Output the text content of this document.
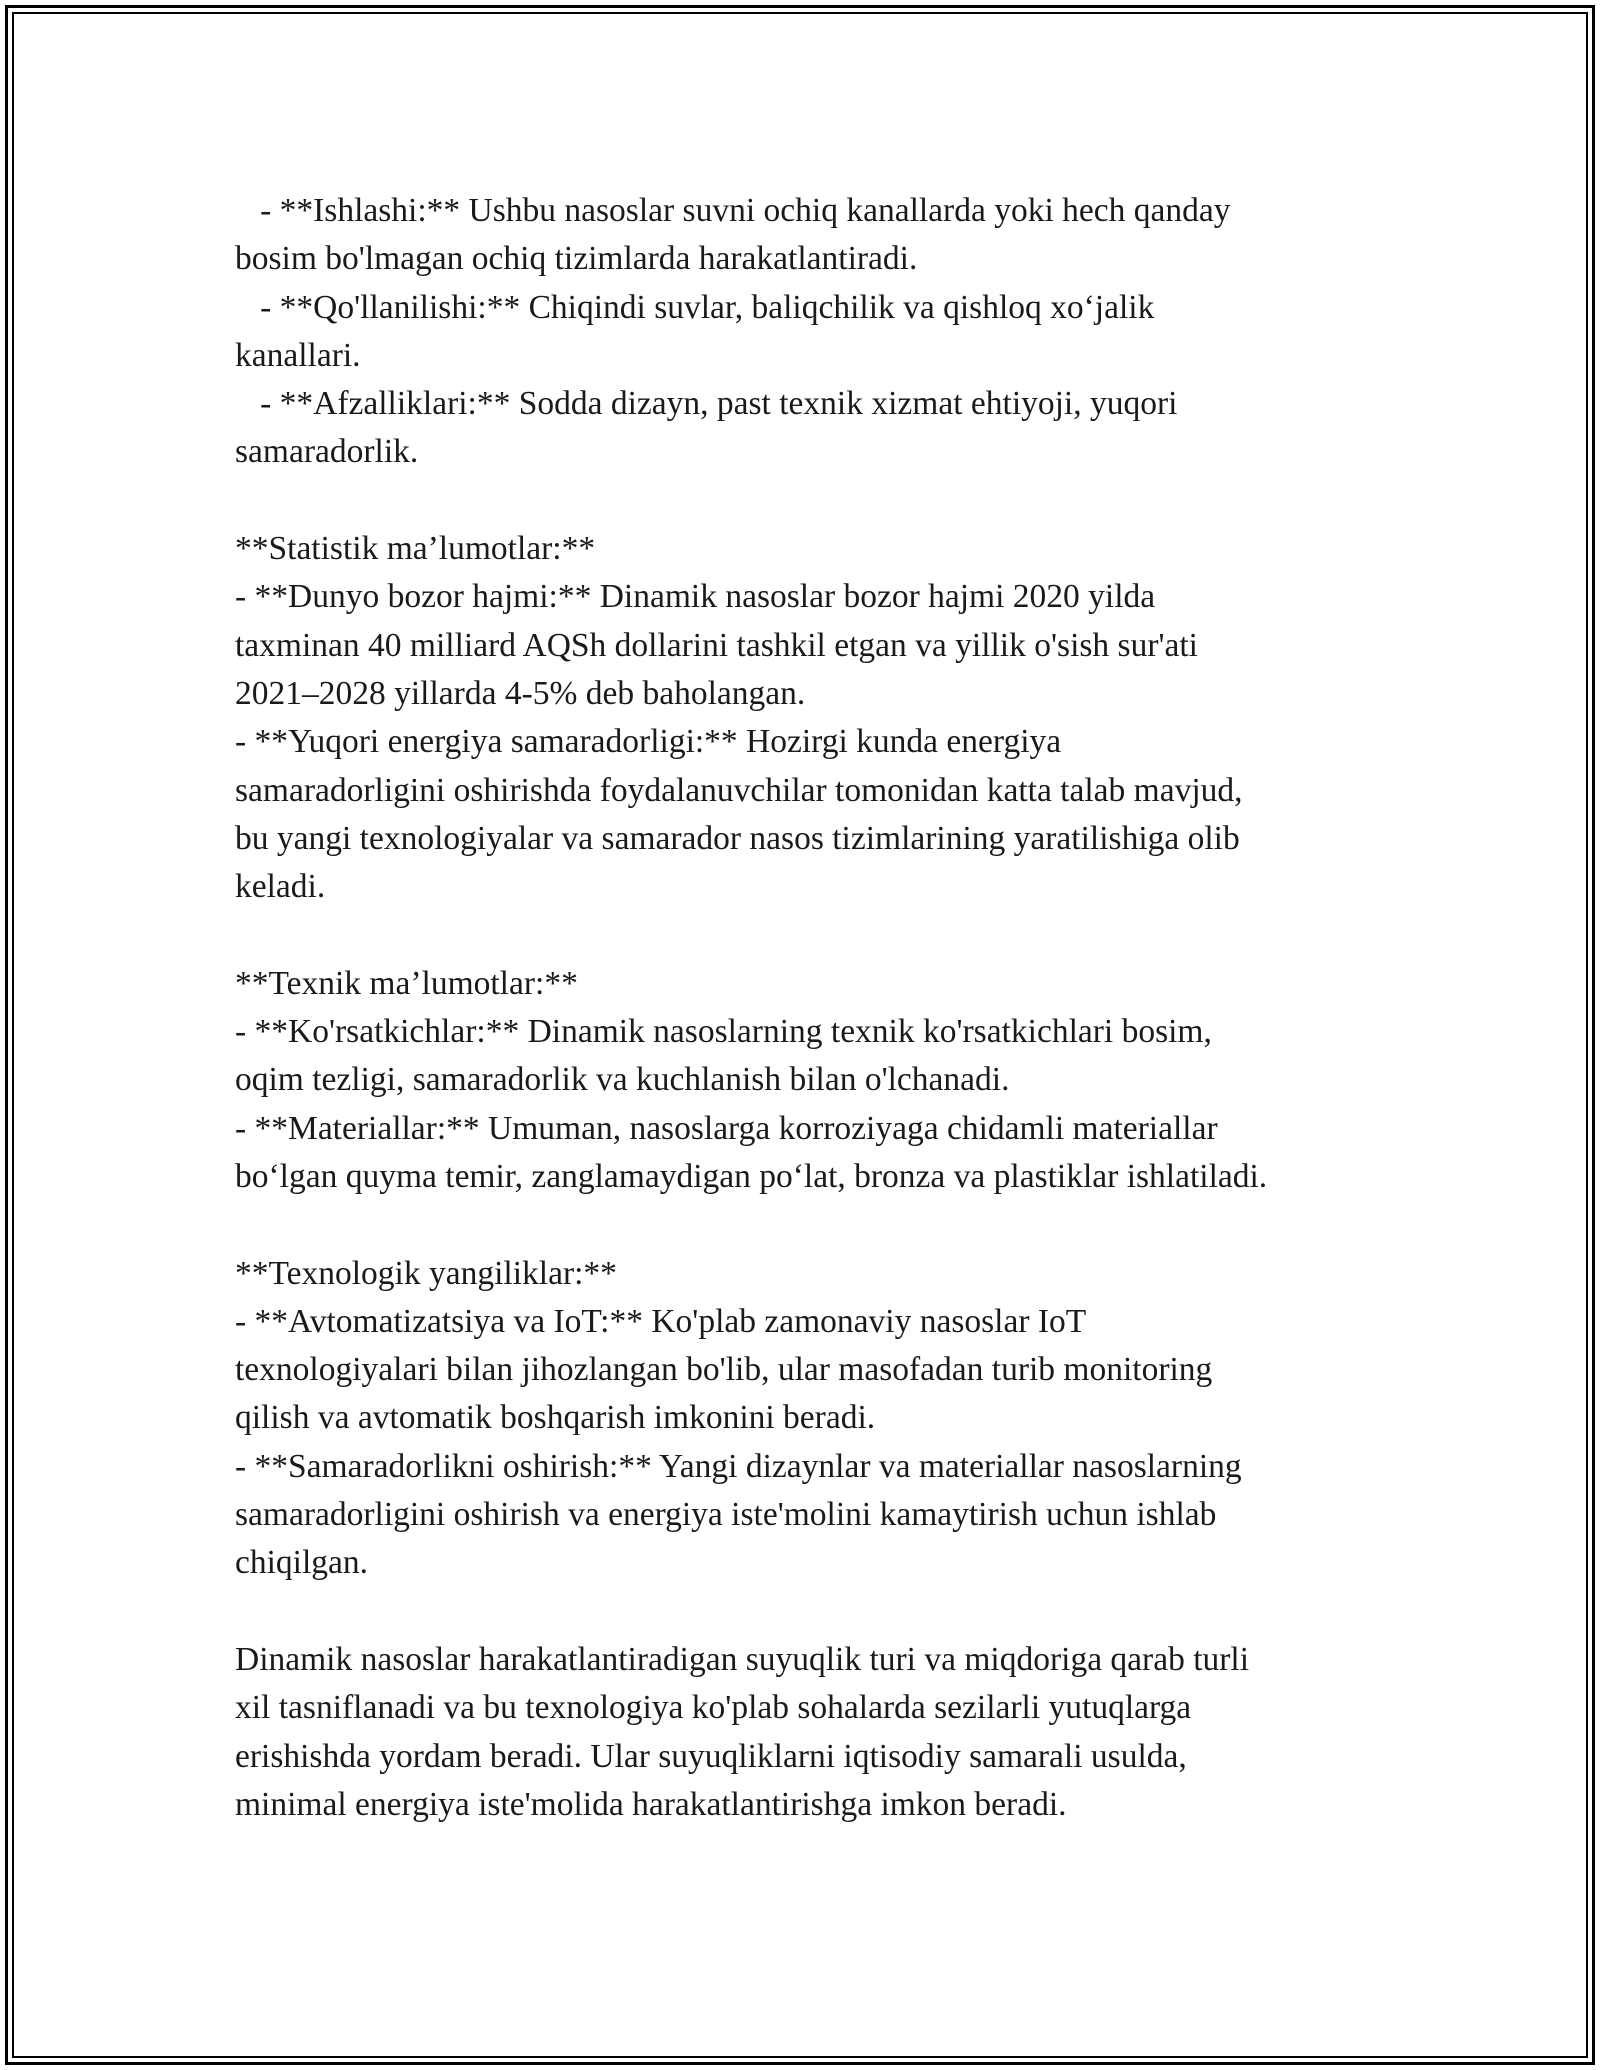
- **Ishlashi:** Ushbu nasoslar suvni ochiq kanallarda yoki hech qanday
bosim bo'lmagan ochiq tizimlarda harakatlantiradi.
- **Qo'llanilishi:** Chiqindi suvlar, baliqchilik va qishloq xo‘jalik
kanallari.
- **Afzalliklari:** Sodda dizayn, past texnik xizmat ehtiyoji, yuqori
samaradorlik.
**Statistik ma’lumotlar:**
- **Dunyo bozor hajmi:** Dinamik nasoslar bozor hajmi 2020 yilda
taxminan 40 milliard AQSh dollarini tashkil etgan va yillik o'sish sur'ati
2021–2028 yillarda 4-5% deb baholangan.
- **Yuqori energiya samaradorligi:** Hozirgi kunda energiya
samaradorligini oshirishda foydalanuvchilar tomonidan katta talab mavjud,
bu yangi texnologiyalar va samarador nasos tizimlarining yaratilishiga olib
keladi.
**Texnik ma’lumotlar:**
- **Ko'rsatkichlar:** Dinamik nasoslarning texnik ko'rsatkichlari bosim,
oqim tezligi, samaradorlik va kuchlanish bilan o'lchanadi.
- **Materiallar:** Umuman, nasoslarga korroziyaga chidamli materiallar
bo‘lgan quyma temir, zanglamaydigan po‘lat, bronza va plastiklar ishlatiladi.
**Texnologik yangiliklar:**
- **Avtomatizatsiya va IoT:** Ko'plab zamonaviy nasoslar IoT
texnologiyalari bilan jihozlangan bo'lib, ular masofadan turib monitoring
qilish va avtomatik boshqarish imkonini beradi.
- **Samaradorlikni oshirish:** Yangi dizaynlar va materiallar nasoslarning
samaradorligini oshirish va energiya iste'molini kamaytirish uchun ishlab
chiqilgan.
Dinamik nasoslar harakatlantiradigan suyuqlik turi va miqdoriga qarab turli
xil tasniflanadi va bu texnologiya ko'plab sohalarda sezilarli yutuqlarga
erishishda yordam beradi. Ular suyuqliklarni iqtisodiy samarali usulda,
minimal energiya iste'molida harakatlantirishga imkon beradi.
